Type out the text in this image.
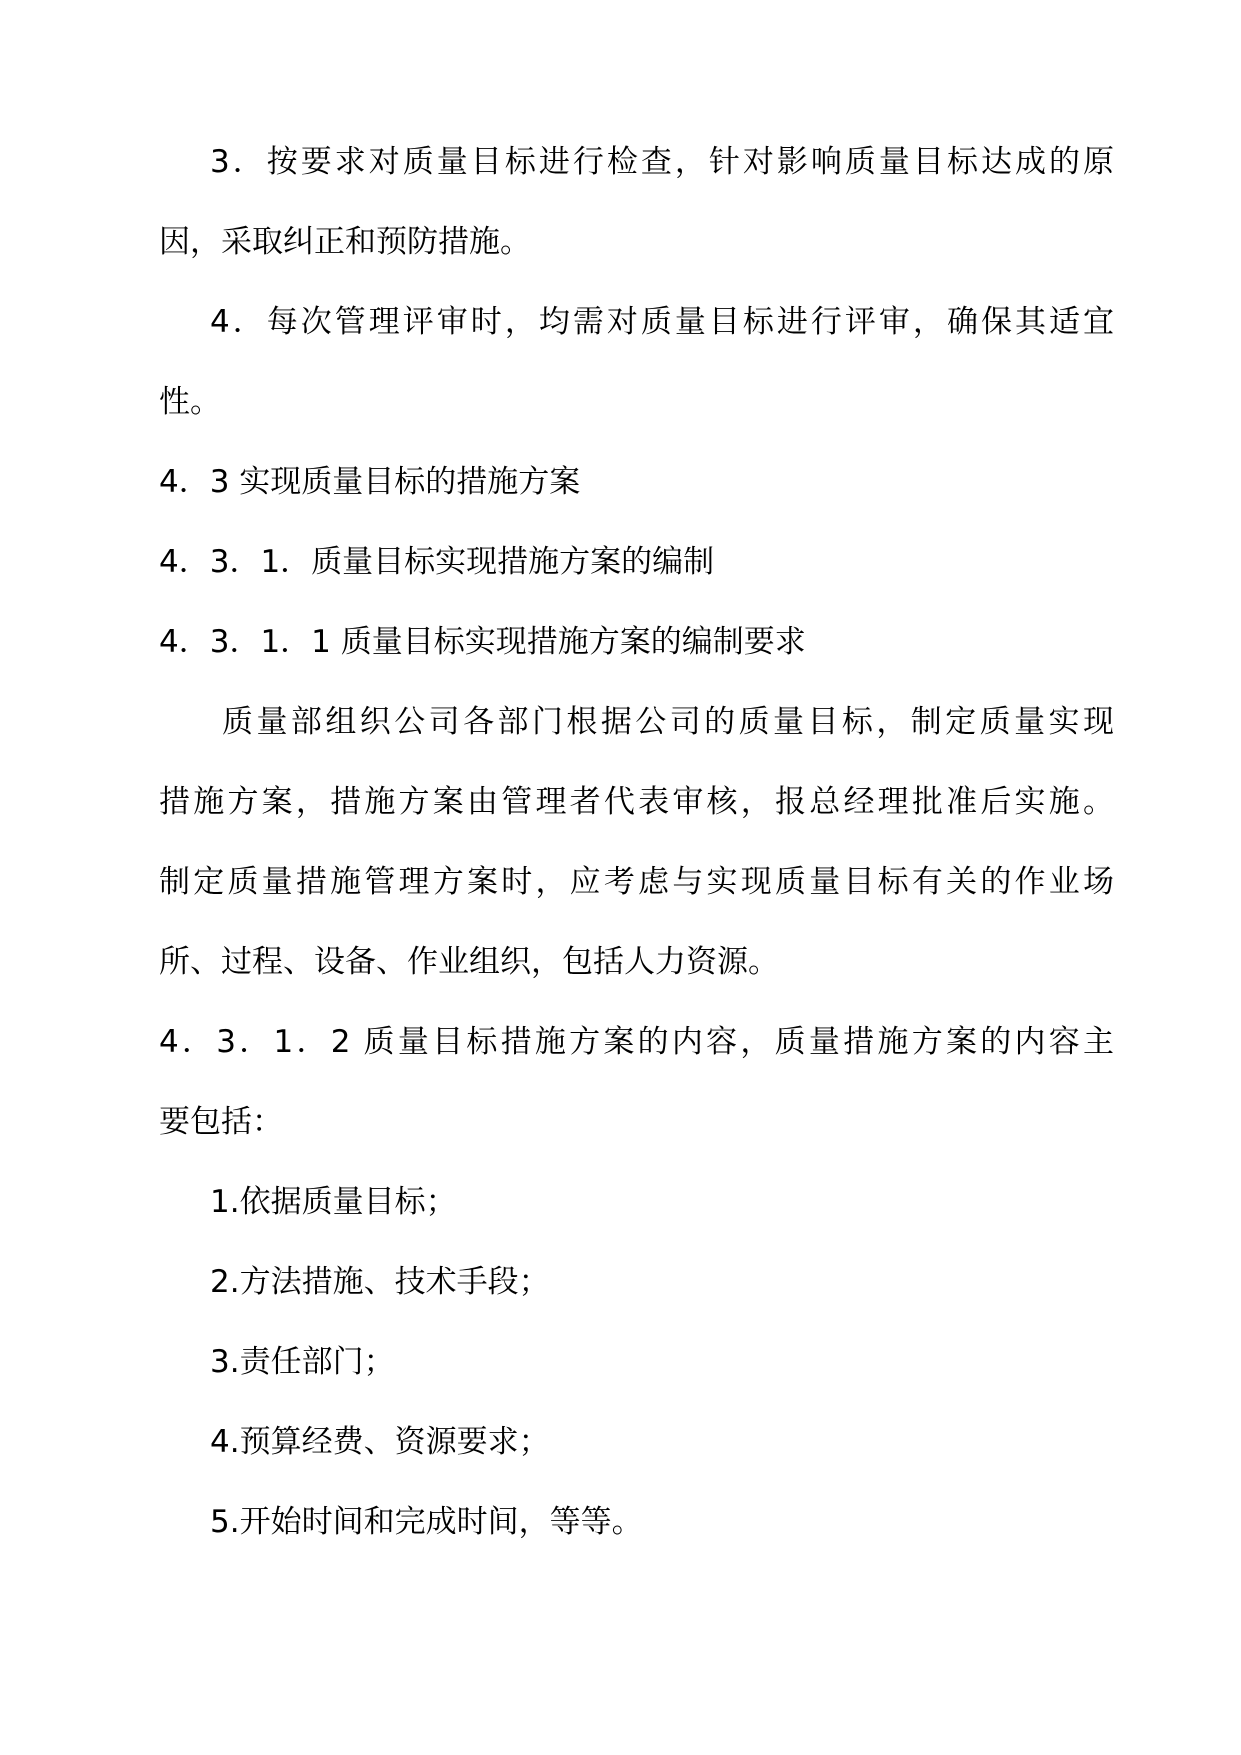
3．按要求对质量目标进行检查，针对影响质量目标达成的原
因，采取纠正和预防措施。
4．每次管理评审时，均需对质量目标进行评审，确保其适宜
性。
4．3 实现质量目标的措施方案
4．3．1．质量目标实现措施方案的编制
4．3．1．1 质量目标实现措施方案的编制要求
质量部组织公司各部门根据公司的质量目标，制定质量实现
措施方案，措施方案由管理者代表审核，报总经理批准后实施。
制定质量措施管理方案时，应考虑与实现质量目标有关的作业场
所、过程、设备、作业组织，包括人力资源。
4．3．1．2 质量目标措施方案的内容，质量措施方案的内容主
要包括：
1.依据质量目标；
2.方法措施、技术手段；
3.责任部门；
4.预算经费、资源要求；
5.开始时间和完成时间，等等。
